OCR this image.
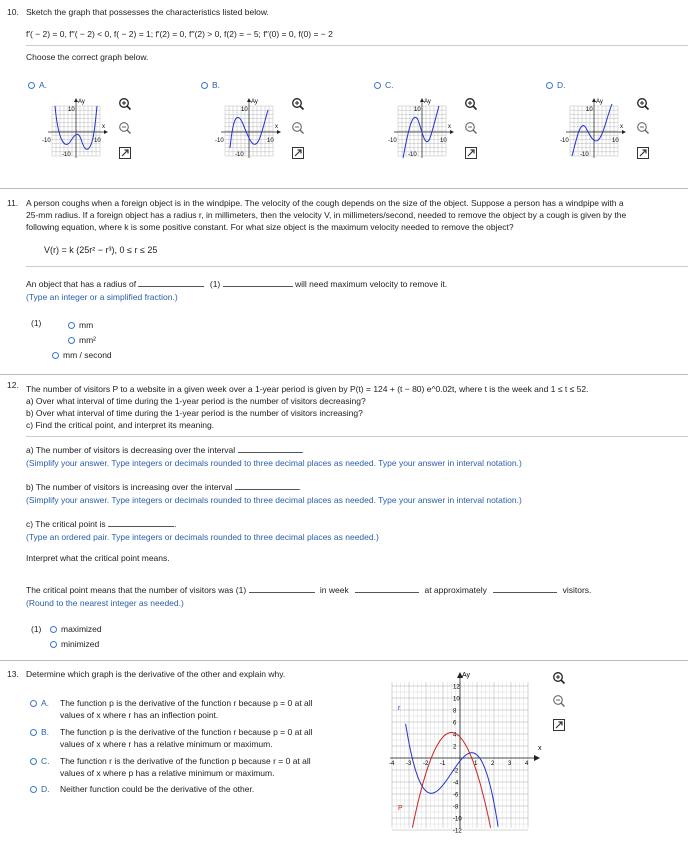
10. Sketch the graph that possesses the characteristics listed below.
f′( − 2) = 0, f′′( − 2) < 0, f( − 2) = 1; f′(2) = 0, f′′(2) > 0, f(2) = − 5; f′′(0) = 0, f(0) = − 2
Choose the correct graph below.
A.	B.	C.	D.
Ay
x
-10	10
10
-10
Ay
x
-10	10
10
-10
Ay
x
-10	10
10
-10
Ay
x
-10	10
10
-10
11. A person coughs when a foreign object is in the windpipe. The velocity of the cough depends on the size of the object. Suppose a person has a windpipe with a
25-mm radius. If a foreign object has a radius r, in millimeters, then the velocity V, in millimeters/second, needed to remove the object by a cough is given by the
following equation, where k is some positive constant. For what size object is the maximum velocity needed to remove the object?
V(r) = k (25r² − r³), 0 ≤ r ≤ 25
An object that has a radius of	(1)	will need maximum velocity to remove it.
(Type an integer or a simplified fraction.)
(1)	mm
mm²
mm / second
12. The number of visitors P to a website in a given week over a 1-year period is given by P(t) = 124 + (t − 80) e^0.02t, where t is the week and 1 ≤ t ≤ 52.
a) Over what interval of time during the 1-year period is the number of visitors decreasing?
b) Over what interval of time during the 1-year period is the number of visitors increasing?
c) Find the critical point, and interpret its meaning.
a) The number of visitors is decreasing over the interval	.
(Simplify your answer. Type integers or decimals rounded to three decimal places as needed. Type your answer in interval notation.)
b) The number of visitors is increasing over the interval	.
(Simplify your answer. Type integers or decimals rounded to three decimal places as needed. Type your answer in interval notation.)
c) The critical point is	.
(Type an ordered pair. Type integers or decimals rounded to three decimal places as needed.)
Interpret what the critical point means.
The critical point means that the number of visitors was (1)	in week	at approximately	visitors.
(Round to the nearest integer as needed.)
(1)	maximized
minimized
13. Determine which graph is the derivative of the other and explain why.
A. The function p is the derivative of the function r because p = 0 at all
values of x where r has an inflection point.
B. The function p is the derivative of the function r because p = 0 at all
values of x where r has a relative minimum or maximum.
C. The function r is the derivative of the function p because r = 0 at all
values of x where p has a relative minimum or maximum.
D. Neither function could be the derivative of the other.
Ay
x
12
10
8
6
4
2
-2
-4
-6
-8
-10
-12
-4 -3 -2 -1	1 2 3 4
r
P
